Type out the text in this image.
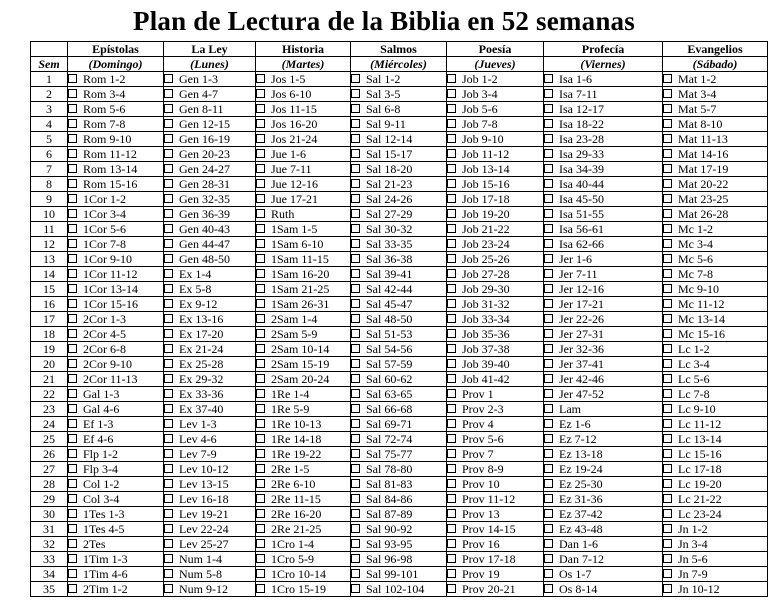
Plan de Lectura de la Biblia en 52 semanas
	Epístolas	La Ley	Historia	Salmos	Poesía	Profecía	Evangelios
Sem	(Domingo)	(Lunes)	(Martes)	(Miércoles)	(Jueves)	(Viernes)	(Sábado)
1	Rom 1-2	Gen 1-3	Jos 1-5	Sal 1-2	Job 1-2	Isa 1-6	Mat 1-2
2	Rom 3-4	Gen 4-7	Jos 6-10	Sal 3-5	Job 3-4	Isa 7-11	Mat 3-4
3	Rom 5-6	Gen 8-11	Jos 11-15	Sal 6-8	Job 5-6	Isa 12-17	Mat 5-7
4	Rom 7-8	Gen 12-15	Jos 16-20	Sal 9-11	Job 7-8	Isa 18-22	Mat 8-10
5	Rom 9-10	Gen 16-19	Jos 21-24	Sal 12-14	Job 9-10	Isa 23-28	Mat 11-13
6	Rom 11-12	Gen 20-23	Jue 1-6	Sal 15-17	Job 11-12	Isa 29-33	Mat 14-16
7	Rom 13-14	Gen 24-27	Jue 7-11	Sal 18-20	Job 13-14	Isa 34-39	Mat 17-19
8	Rom 15-16	Gen 28-31	Jue 12-16	Sal 21-23	Job 15-16	Isa 40-44	Mat 20-22
9	1Cor 1-2	Gen 32-35	Jue 17-21	Sal 24-26	Job 17-18	Isa 45-50	Mat 23-25
10	1Cor 3-4	Gen 36-39	Ruth	Sal 27-29	Job 19-20	Isa 51-55	Mat 26-28
11	1Cor 5-6	Gen 40-43	1Sam 1-5	Sal 30-32	Job 21-22	Isa 56-61	Mc 1-2
12	1Cor 7-8	Gen 44-47	1Sam 6-10	Sal 33-35	Job 23-24	Isa 62-66	Mc 3-4
13	1Cor 9-10	Gen 48-50	1Sam 11-15	Sal 36-38	Job 25-26	Jer 1-6	Mc 5-6
14	1Cor 11-12	Ex 1-4	1Sam 16-20	Sal 39-41	Job 27-28	Jer 7-11	Mc 7-8
15	1Cor 13-14	Ex 5-8	1Sam 21-25	Sal 42-44	Job 29-30	Jer 12-16	Mc 9-10
16	1Cor 15-16	Ex 9-12	1Sam 26-31	Sal 45-47	Job 31-32	Jer 17-21	Mc 11-12
17	2Cor 1-3	Ex 13-16	2Sam 1-4	Sal 48-50	Job 33-34	Jer 22-26	Mc 13-14
18	2Cor 4-5	Ex 17-20	2Sam 5-9	Sal 51-53	Job 35-36	Jer 27-31	Mc 15-16
19	2Cor 6-8	Ex 21-24	2Sam 10-14	Sal 54-56	Job 37-38	Jer 32-36	Lc 1-2
20	2Cor 9-10	Ex 25-28	2Sam 15-19	Sal 57-59	Job 39-40	Jer 37-41	Lc 3-4
21	2Cor 11-13	Ex 29-32	2Sam 20-24	Sal 60-62	Job 41-42	Jer 42-46	Lc 5-6
22	Gal 1-3	Ex 33-36	1Re 1-4	Sal 63-65	Prov 1	Jer 47-52	Lc 7-8
23	Gal 4-6	Ex 37-40	1Re 5-9	Sal 66-68	Prov 2-3	Lam	Lc 9-10
24	Ef 1-3	Lev 1-3	1Re 10-13	Sal 69-71	Prov 4	Ez 1-6	Lc 11-12
25	Ef 4-6	Lev 4-6	1Re 14-18	Sal 72-74	Prov 5-6	Ez 7-12	Lc 13-14
26	Flp 1-2	Lev 7-9	1Re 19-22	Sal 75-77	Prov 7	Ez 13-18	Lc 15-16
27	Flp 3-4	Lev 10-12	2Re 1-5	Sal 78-80	Prov 8-9	Ez 19-24	Lc 17-18
28	Col 1-2	Lev 13-15	2Re 6-10	Sal 81-83	Prov 10	Ez 25-30	Lc 19-20
29	Col 3-4	Lev 16-18	2Re 11-15	Sal 84-86	Prov 11-12	Ez 31-36	Lc 21-22
30	1Tes 1-3	Lev 19-21	2Re 16-20	Sal 87-89	Prov 13	Ez 37-42	Lc 23-24
31	1Tes 4-5	Lev 22-24	2Re 21-25	Sal 90-92	Prov 14-15	Ez 43-48	Jn 1-2
32	2Tes	Lev 25-27	1Cro 1-4	Sal 93-95	Prov 16	Dan 1-6	Jn 3-4
33	1Tim 1-3	Num 1-4	1Cro 5-9	Sal 96-98	Prov 17-18	Dan 7-12	Jn 5-6
34	1Tim 4-6	Num 5-8	1Cro 10-14	Sal 99-101	Prov 19	Os 1-7	Jn 7-9
35	2Tim 1-2	Num 9-12	1Cro 15-19	Sal 102-104	Prov 20-21	Os 8-14	Jn 10-12
